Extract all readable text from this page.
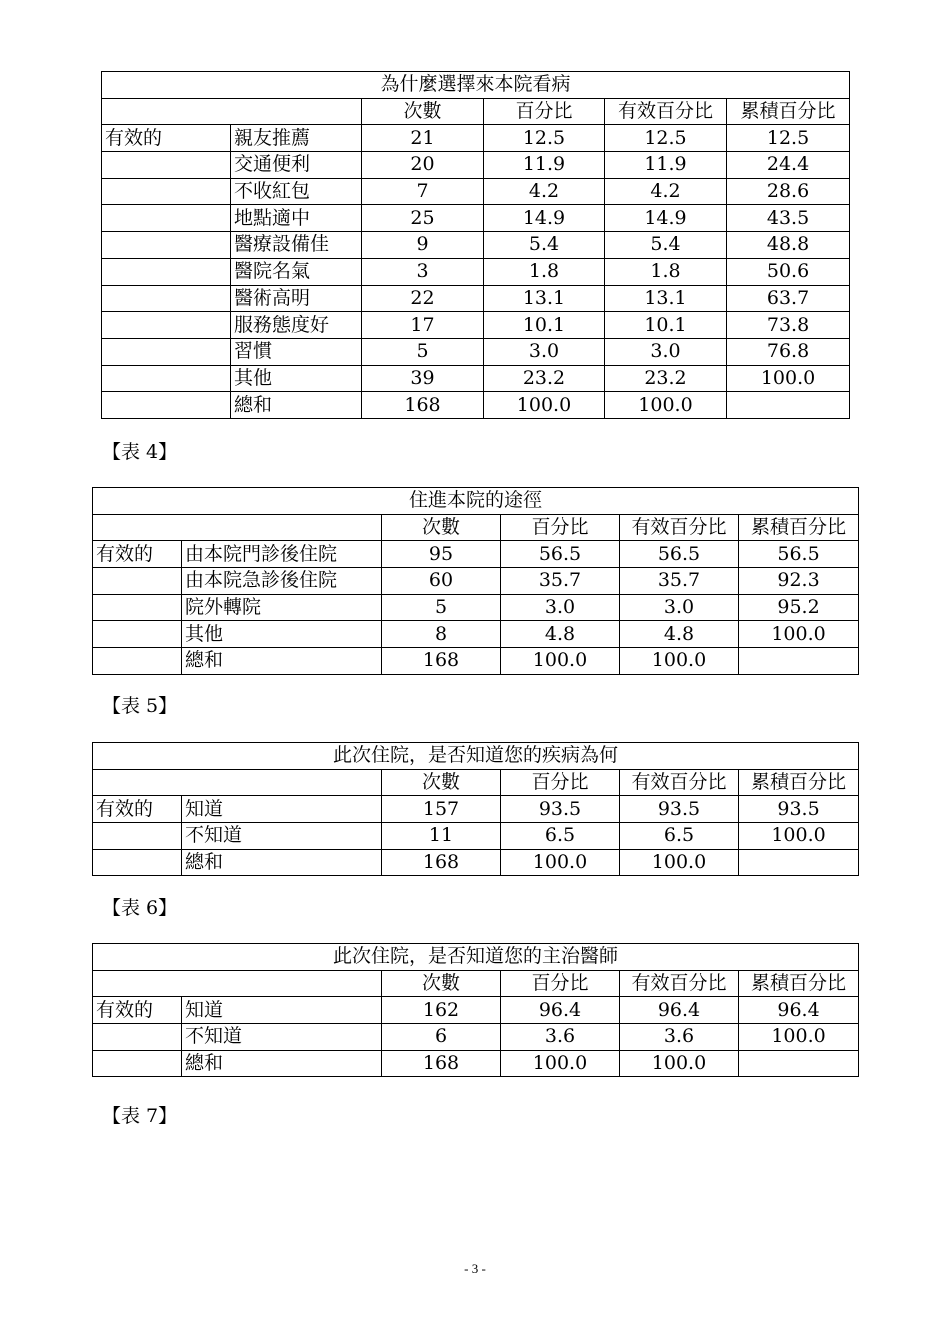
為什麼選擇來本院看病					
		次數	百分比	有效百分比	累積百分比
有效的	親友推薦	21	12.5	12.5	12.5
	交通便利	20	11.9	11.9	24.4
	不收紅包	7	4.2	4.2	28.6
	地點適中	25	14.9	14.9	43.5
	醫療設備佳	9	5.4	5.4	48.8
	醫院名氣	3	1.8	1.8	50.6
	醫術高明	22	13.1	13.1	63.7
	服務態度好	17	10.1	10.1	73.8
	習慣	5	3.0	3.0	76.8
	其他	39	23.2	23.2	100.0
	總和	168	100.0	100.0	
【表 4】
住進本院的途徑					
		次數	百分比	有效百分比	累積百分比
有效的	由本院門診後住院	95	56.5	56.5	56.5
	由本院急診後住院	60	35.7	35.7	92.3
	院外轉院	5	3.0	3.0	95.2
	其他	8	4.8	4.8	100.0
	總和	168	100.0	100.0	
【表 5】
此次住院，是否知道您的疾病為何					
		次數	百分比	有效百分比	累積百分比
有效的	知道	157	93.5	93.5	93.5
	不知道	11	6.5	6.5	100.0
	總和	168	100.0	100.0	
【表 6】
此次住院，是否知道您的主治醫師					
		次數	百分比	有效百分比	累積百分比
有效的	知道	162	96.4	96.4	96.4
	不知道	6	3.6	3.6	100.0
	總和	168	100.0	100.0	
【表 7】
- 3 -
